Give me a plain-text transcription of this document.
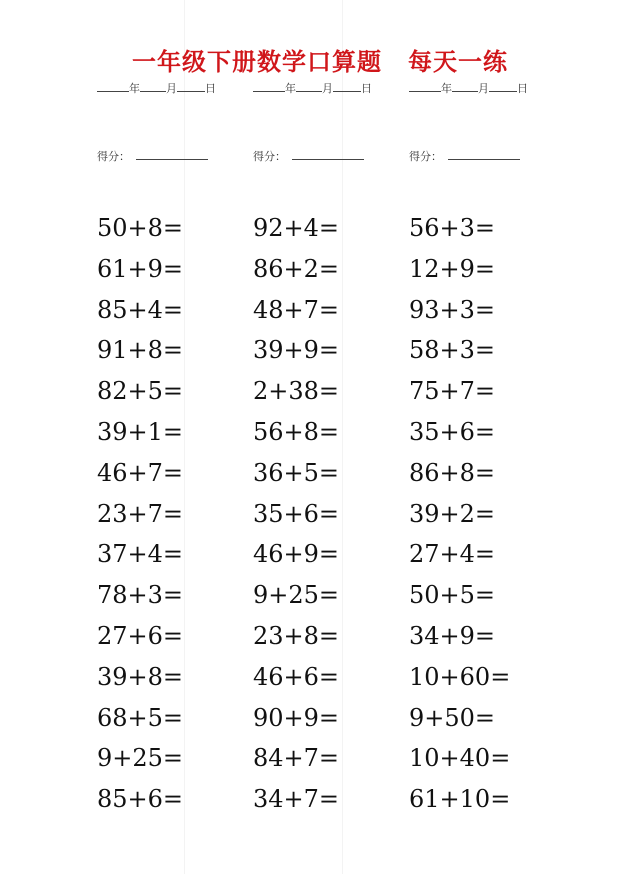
一年级下册数学口算题 每天一练
年 月	日	年 月	日	年 月	日
得分：	得分：	得分：
50+8=
61+9=
85+4=
91+8=
82+5=
39+1=
46+7=
23+7=
37+4=
78+3=
27+6=
39+8=
68+5=
9+25=
85+6=
92+4=
86+2=
48+7=
39+9=
2+38=
56+8=
36+5=
35+6=
46+9=
9+25=
23+8=
46+6=
90+9=
84+7=
34+7=
56+3=
12+9=
93+3=
58+3=
75+7=
35+6=
86+8=
39+2=
27+4=
50+5=
34+9=
10+60=
9+50=
10+40=
61+10=
